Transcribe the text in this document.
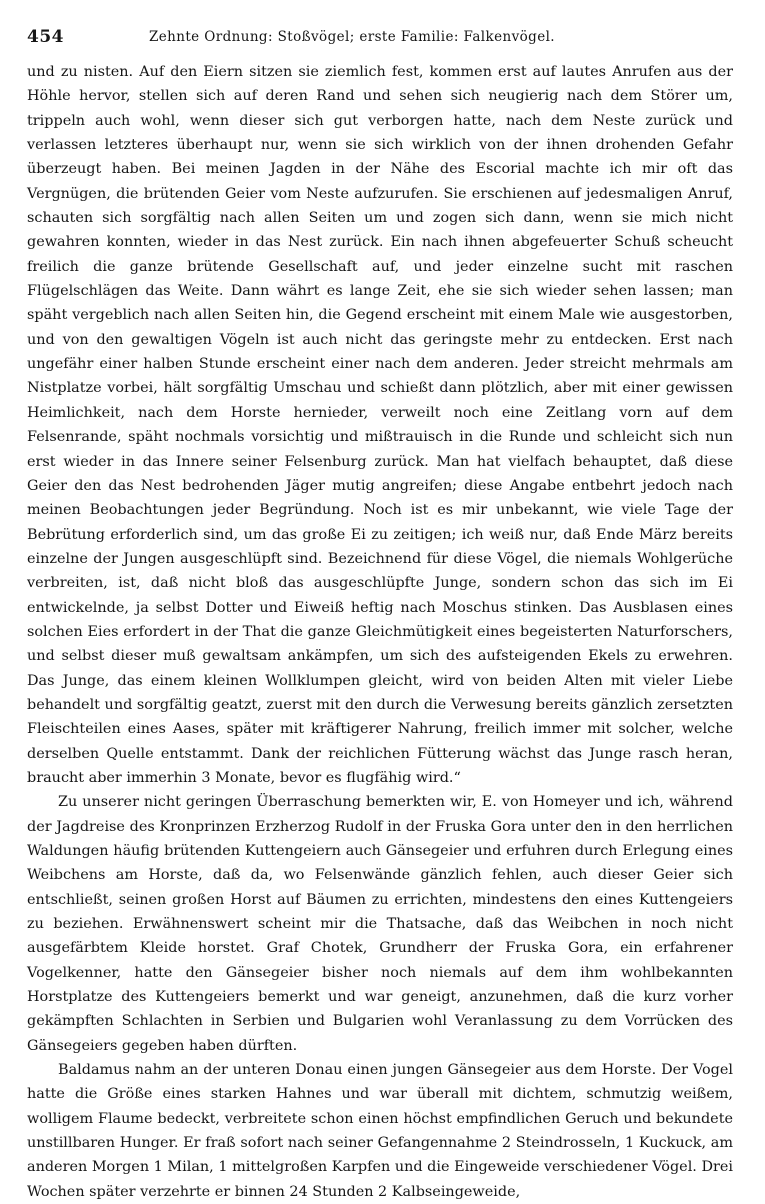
454	Zehnte Ordnung: Stoßvögel; erste Familie: Falkenvögel.

und zu nisten. Auf den Eiern sitzen sie ziemlich fest, kommen erst auf lautes Anrufen aus der Höhle hervor, stellen sich auf deren Rand und sehen sich neugierig nach dem Störer um, trippeln auch wohl, wenn dieser sich gut verborgen hatte, nach dem Neste zurück und verlassen letzteres überhaupt nur, wenn sie sich wirklich von der ihnen drohenden Gefahr überzeugt haben. Bei meinen Jagden in der Nähe des Escorial machte ich mir oft das Vergnügen, die brütenden Geier vom Neste aufzurufen. Sie erschienen auf jedesmaligen Anruf, schauten sich sorgfältig nach allen Seiten um und zogen sich dann, wenn sie mich nicht gewahren konnten, wieder in das Nest zurück. Ein nach ihnen abgefeuerter Schuß scheucht freilich die ganze brütende Gesellschaft auf, und jeder einzelne sucht mit raschen Flügelschlägen das Weite. Dann währt es lange Zeit, ehe sie sich wieder sehen lassen; man späht vergeblich nach allen Seiten hin, die Gegend erscheint mit einem Male wie ausgestorben, und von den gewaltigen Vögeln ist auch nicht das geringste mehr zu entdecken. Erst nach ungefähr einer halben Stunde erscheint einer nach dem anderen. Jeder streicht mehrmals am Nistplatze vorbei, hält sorgfältig Umschau und schießt dann plötzlich, aber mit einer gewissen Heimlichkeit, nach dem Horste hernieder, verweilt noch eine Zeitlang vorn auf dem Felsenrande, späht nochmals vorsichtig und mißtrauisch in die Runde und schleicht sich nun erst wieder in das Innere seiner Felsenburg zurück. Man hat vielfach behauptet, daß diese Geier den das Nest bedrohenden Jäger mutig angreifen; diese Angabe entbehrt jedoch nach meinen Beobachtungen jeder Begründung. Noch ist es mir unbekannt, wie viele Tage der Bebrütung erforderlich sind, um das große Ei zu zeitigen; ich weiß nur, daß Ende März bereits einzelne der Jungen ausgeschlüpft sind. Bezeichnend für diese Vögel, die niemals Wohlgerüche verbreiten, ist, daß nicht bloß das ausgeschlüpfte Junge, sondern schon das sich im Ei entwickelnde, ja selbst Dotter und Eiweiß heftig nach Moschus stinken. Das Ausblasen eines solchen Eies erfordert in der That die ganze Gleichmütigkeit eines begeisterten Naturforschers, und selbst dieser muß gewaltsam ankämpfen, um sich des aufsteigenden Ekels zu erwehren. Das Junge, das einem kleinen Wollklumpen gleicht, wird von beiden Alten mit vieler Liebe behandelt und sorgfältig geatzt, zuerst mit den durch die Verwesung bereits gänzlich zersetzten Fleischteilen eines Aases, später mit kräftigerer Nahrung, freilich immer mit solcher, welche derselben Quelle entstammt. Dank der reichlichen Fütterung wächst das Junge rasch heran, braucht aber immerhin 3 Monate, bevor es flugfähig wird.“

Zu unserer nicht geringen Überraschung bemerkten wir, E. von Homeyer und ich, während der Jagdreise des Kronprinzen Erzherzog Rudolf in der Fruska Gora unter den in den herrlichen Waldungen häufig brütenden Kuttengeiern auch Gänsegeier und erfuhren durch Erlegung eines Weibchens am Horste, daß da, wo Felsenwände gänzlich fehlen, auch dieser Geier sich entschließt, seinen großen Horst auf Bäumen zu errichten, mindestens den eines Kuttengeiers zu beziehen. Erwähnenswert scheint mir die Thatsache, daß das Weibchen in noch nicht ausgefärbtem Kleide horstet. Graf Chotek, Grundherr der Fruska Gora, ein erfahrener Vogelkenner, hatte den Gänsegeier bisher noch niemals auf dem ihm wohlbekannten Horstplatze des Kuttengeiers bemerkt und war geneigt, anzunehmen, daß die kurz vorher gekämpften Schlachten in Serbien und Bulgarien wohl Veranlassung zu dem Vorrücken des Gänsegeiers gegeben haben dürften.

Baldamus nahm an der unteren Donau einen jungen Gänsegeier aus dem Horste. Der Vogel hatte die Größe eines starken Hahnes und war überall mit dichtem, schmutzig weißem, wolligem Flaume bedeckt, verbreitete schon einen höchst empfindlichen Geruch und bekundete unstillbaren Hunger. Er fraß sofort nach seiner Gefangennahme 2 Steindrosseln, 1 Kuckuck, am anderen Morgen 1 Milan, 1 mittelgroßen Karpfen und die Eingeweide verschiedener Vögel. Drei Wochen später verzehrte er binnen 24 Stunden 2 Kalbseingeweide,
